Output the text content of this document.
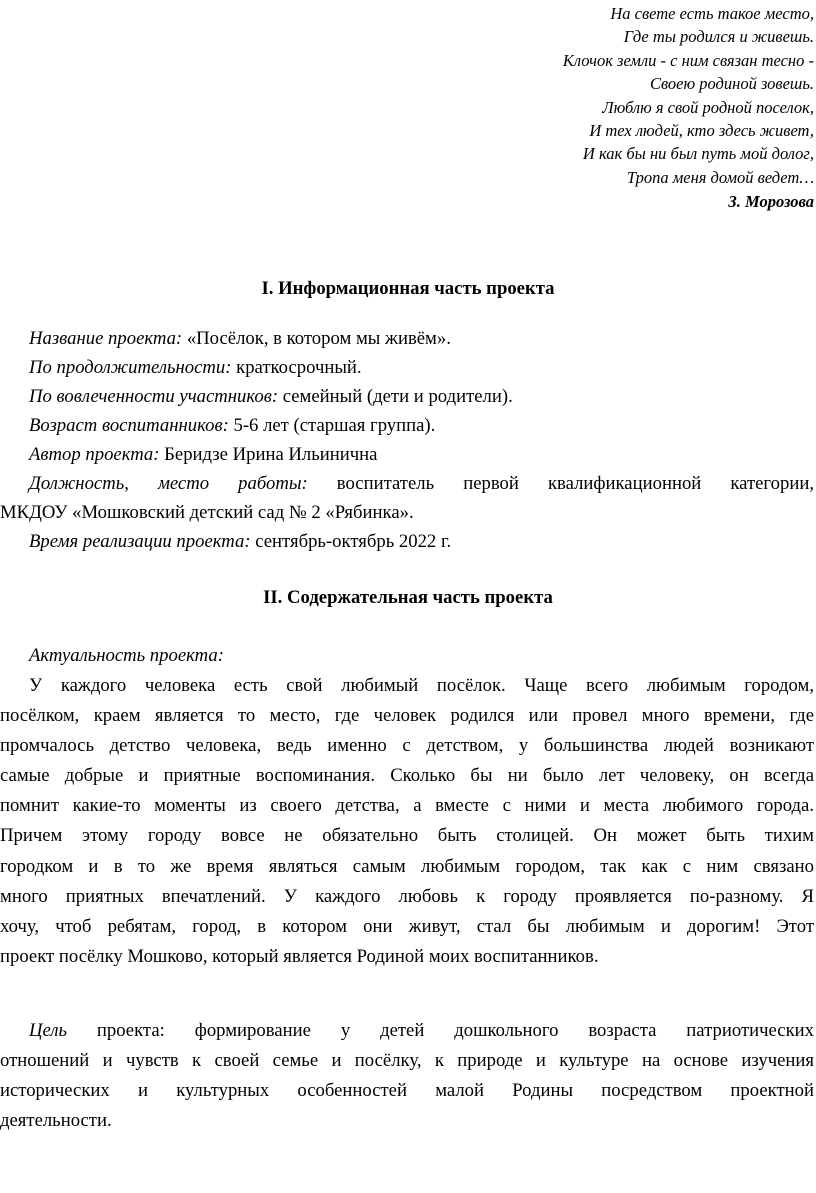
На свете есть такое место,
Где ты родился и живешь.
Клочок земли - с ним связан тесно -
Своею родиной зовешь.
Люблю я свой родной поселок,
И тех людей, кто здесь живет,
И как бы ни был путь мой долог,
Тропа меня домой ведет…
З. Морозова
I. Информационная часть проекта
Название проекта: «Посёлок, в котором мы живём».
По продолжительности: краткосрочный.
По вовлеченности участников: семейный (дети и родители).
Возраст воспитанников: 5-6 лет (старшая группа).
Автор проекта: Беридзе Ирина Ильинична
Должность, место работы: воспитатель первой квалификационной категории,
МКДОУ «Мошковский детский сад № 2 «Рябинка».
Время реализации проекта: сентябрь-октябрь 2022 г.
II. Содержательная часть проекта
Актуальность проекта:
У каждого человека есть свой любимый посёлок. Чаще всего любимым городом,
посёлком, краем является то место, где человек родился или провел много времени, где
промчалось детство человека, ведь именно с детством, у большинства людей возникают
самые добрые и приятные воспоминания. Сколько бы ни было лет человеку, он всегда
помнит какие-то моменты из своего детства, а вместе с ними и места любимого города.
Причем этому городу вовсе не обязательно быть столицей. Он может быть тихим
городком и в то же время являться самым любимым городом, так как с ним связано
много приятных впечатлений. У каждого любовь к городу проявляется по-разному. Я
хочу, чтоб ребятам, город, в котором они живут, стал бы любимым и дорогим! Этот
проект посёлку Мошково, который является Родиной моих воспитанников.
Цель проекта: формирование у детей дошкольного возраста патриотических
отношений и чувств к своей семье и посёлку, к природе и культуре на основе изучения
исторических и культурных особенностей малой Родины посредством проектной
деятельности.
